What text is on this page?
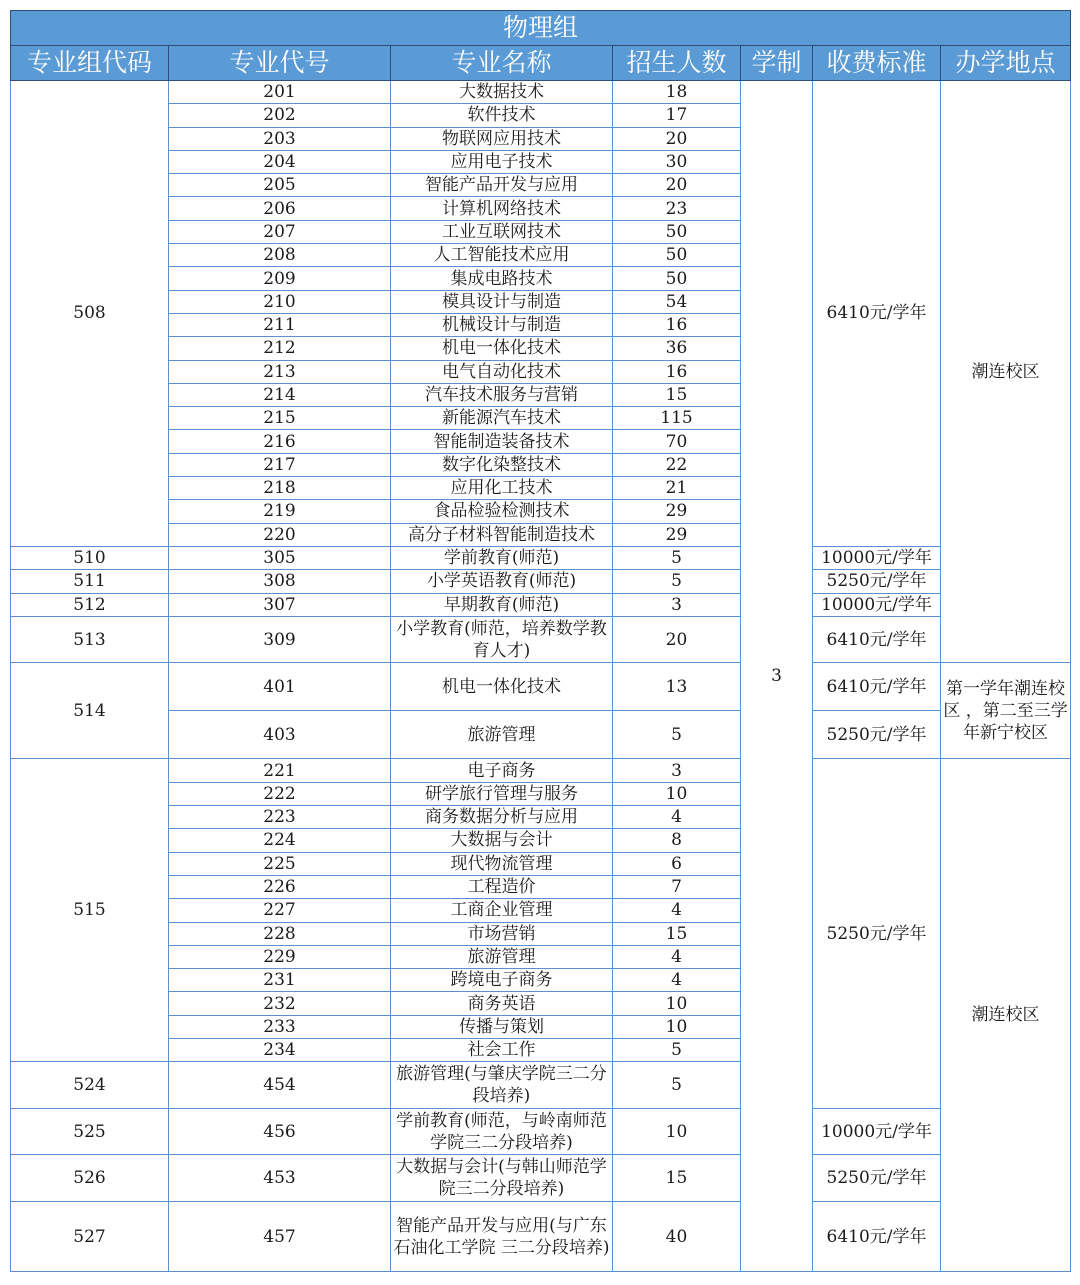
物理组						
专业组代码	专业代号	专业名称	招生人数	学制	收费标准	办学地点
508	201	大数据技术	18	3	6410元/学年	潮连校区
	202	软件技术	17			
	203	物联网应用技术	20			
	204	应用电子技术	30			
	205	智能产品开发与应用	20			
	206	计算机网络技术	23			
	207	工业互联网技术	50			
	208	人工智能技术应用	50			
	209	集成电路技术	50			
	210	模具设计与制造	54			
	211	机械设计与制造	16			
	212	机电一体化技术	36			
	213	电气自动化技术	16			
	214	汽车技术服务与营销	15			
	215	新能源汽车技术	115			
	216	智能制造装备技术	70			
	217	数字化染整技术	22			
	218	应用化工技术	21			
	219	食品检验检测技术	29			
	220	高分子材料智能制造技术	29			
510	305	学前教育(师范)	5		10000元/学年	
511	308	小学英语教育(师范)	5		5250元/学年	
512	307	早期教育(师范)	3		10000元/学年	
513	309	小学教育(师范，培养数学教育人才)	20		6410元/学年	
514	401	机电一体化技术	13		6410元/学年	第一学年潮连校区 ，第二至三学年新宁校区
	403	旅游管理	5		5250元/学年	
515	221	电子商务	3		5250元/学年	潮连校区
	222	研学旅行管理与服务	10			
	223	商务数据分析与应用	4			
	224	大数据与会计	8			
	225	现代物流管理	6			
	226	工程造价	7			
	227	工商企业管理	4			
	228	市场营销	15			
	229	旅游管理	4			
	231	跨境电子商务	4			
	232	商务英语	10			
	233	传播与策划	10			
	234	社会工作	5			
524	454	旅游管理(与肇庆学院三二分段培养)	5			
525	456	学前教育(师范，与岭南师范学院三二分段培养)	10		10000元/学年	
526	453	大数据与会计(与韩山师范学院三二分段培养)	15		5250元/学年	
527	457	智能产品开发与应用(与广东石油化工学院 三二分段培养)	40		6410元/学年	
